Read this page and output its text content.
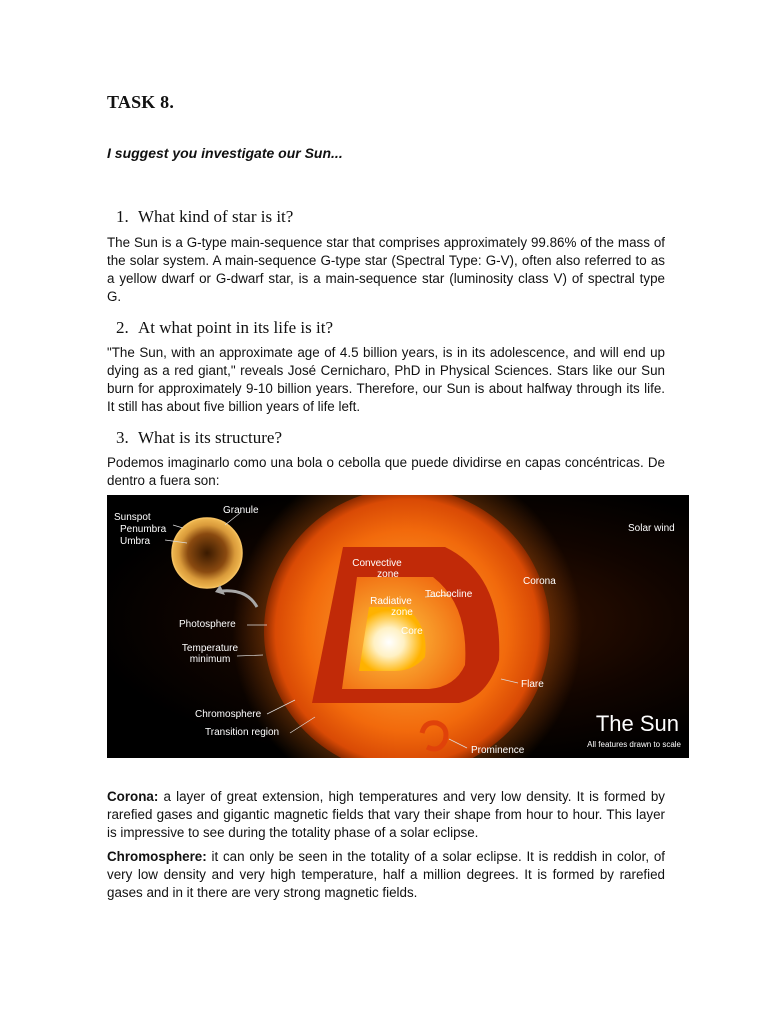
TASK 8.
I suggest you investigate our Sun...
1. What kind of star is it?
The Sun is a G-type main-sequence star that comprises approximately 99.86% of the mass of the solar system. A main-sequence G-type star (Spectral Type: G-V), often also referred to as a yellow dwarf or G-dwarf star, is a main-sequence star (luminosity class V) of spectral type G.
2. At what point in its life is it?
"The Sun, with an approximate age of 4.5 billion years, is in its adolescence, and will end up dying as a red giant," reveals José Cernicharo, PhD in Physical Sciences. Stars like our Sun burn for approximately 9-10 billion years. Therefore, our Sun is about halfway through its life. It still has about five billion years of life left.
3. What is its structure?
Podemos imaginarlo como una bola o cebolla que puede dividirse en capas concéntricas. De dentro a fuera son:
Corona: a layer of great extension, high temperatures and very low density. It is formed by rarefied gases and gigantic magnetic fields that vary their shape from hour to hour. This layer is impressive to see during the totality phase of a solar eclipse.
Chromosphere: it can only be seen in the totality of a solar eclipse. It is reddish in color, of very low density and very high temperature, half a million degrees. It is formed by rarefied gases and in it there are very strong magnetic fields.
Sunspot
Penumbra
Umbra
Granule
Solar wind
Convective
zone
Corona
Radiative
zone
Tachocline
Core
Photosphere
Temperature
minimum
Flare
Chromosphere
Transition region
Prominence
The Sun
All features drawn to scale
